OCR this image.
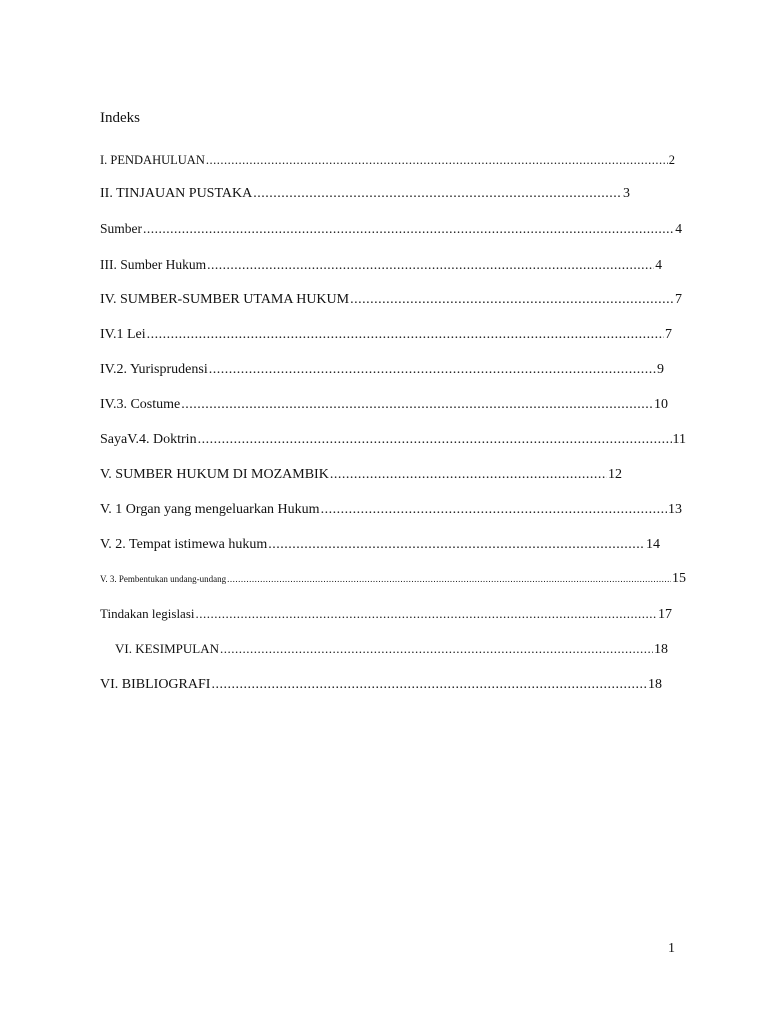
Indeks
I. PENDAHULUAN .....	2
II. TINJAUAN PUSTAKA .....	3
Sumber .....	4
III. Sumber Hukum .....	4
IV. SUMBER-SUMBER UTAMA HUKUM .....	7
IV.1 Lei .....	7
IV.2. Yurisprudensi .....	9
IV.3. Costume .....	10
SayaV.4. Doktrin .....	11
V. SUMBER HUKUM DI MOZAMBIK .....	12
V. 1 Organ yang mengeluarkan Hukum .....	13
V. 2. Tempat istimewa hukum .....	14
V. 3. Pembentukan undang-undang .....	15
Tindakan legislasi .....	17
VI. KESIMPULAN .....	18
VI. BIBLIOGRAFI .....	18
1
